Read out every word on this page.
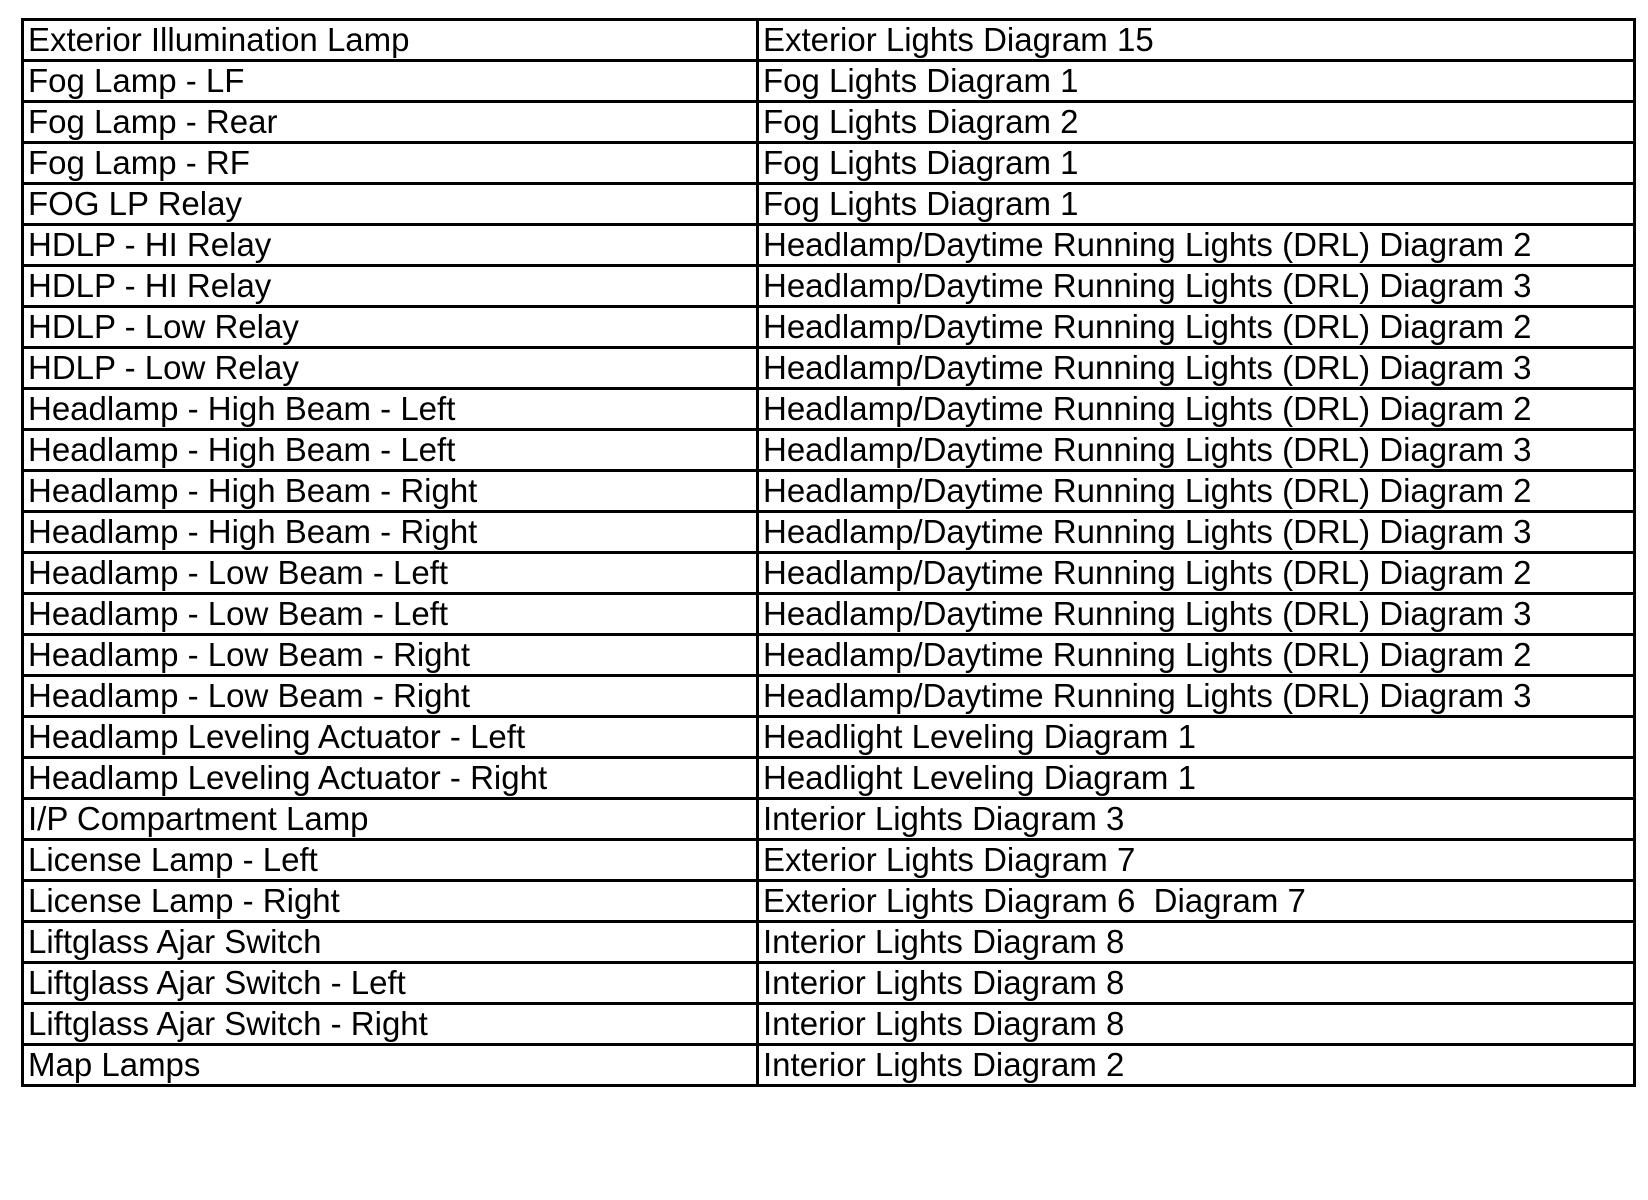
Exterior Illumination Lamp	Exterior Lights Diagram 15
Fog Lamp - LF	Fog Lights Diagram 1
Fog Lamp - Rear	Fog Lights Diagram 2
Fog Lamp - RF	Fog Lights Diagram 1
FOG LP Relay	Fog Lights Diagram 1
HDLP - HI Relay	Headlamp/Daytime Running Lights (DRL) Diagram 2
HDLP - HI Relay	Headlamp/Daytime Running Lights (DRL) Diagram 3
HDLP - Low Relay	Headlamp/Daytime Running Lights (DRL) Diagram 2
HDLP - Low Relay	Headlamp/Daytime Running Lights (DRL) Diagram 3
Headlamp - High Beam - Left	Headlamp/Daytime Running Lights (DRL) Diagram 2
Headlamp - High Beam - Left	Headlamp/Daytime Running Lights (DRL) Diagram 3
Headlamp - High Beam - Right	Headlamp/Daytime Running Lights (DRL) Diagram 2
Headlamp - High Beam - Right	Headlamp/Daytime Running Lights (DRL) Diagram 3
Headlamp - Low Beam - Left	Headlamp/Daytime Running Lights (DRL) Diagram 2
Headlamp - Low Beam - Left	Headlamp/Daytime Running Lights (DRL) Diagram 3
Headlamp - Low Beam - Right	Headlamp/Daytime Running Lights (DRL) Diagram 2
Headlamp - Low Beam - Right	Headlamp/Daytime Running Lights (DRL) Diagram 3
Headlamp Leveling Actuator - Left	Headlight Leveling Diagram 1
Headlamp Leveling Actuator - Right	Headlight Leveling Diagram 1
I/P Compartment Lamp	Interior Lights Diagram 3
License Lamp - Left	Exterior Lights Diagram 7
License Lamp - Right	Exterior Lights Diagram 6  Diagram 7
Liftglass Ajar Switch	Interior Lights Diagram 8
Liftglass Ajar Switch - Left	Interior Lights Diagram 8
Liftglass Ajar Switch - Right	Interior Lights Diagram 8
Map Lamps	Interior Lights Diagram 2
